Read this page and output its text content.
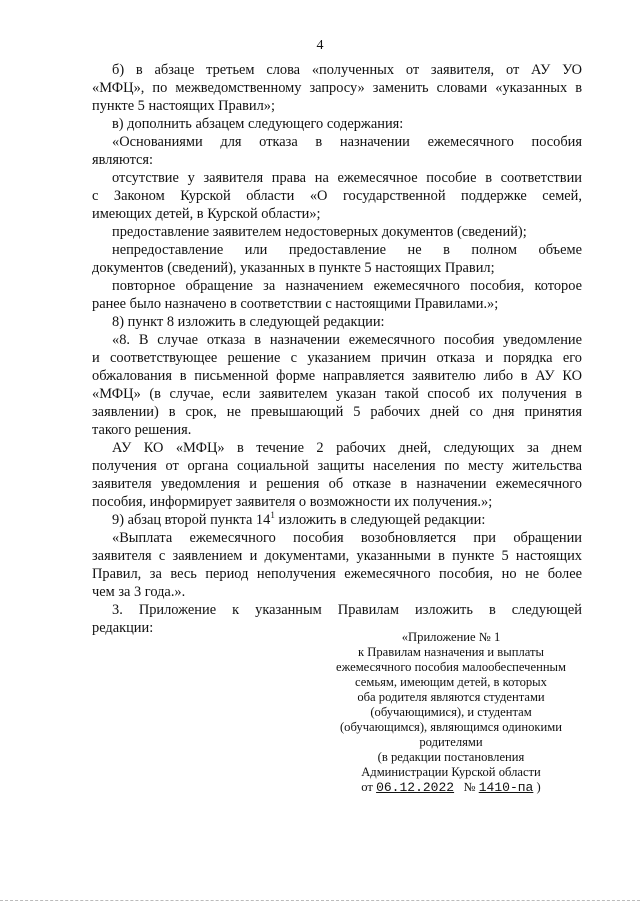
4
б) в абзаце третьем слова «полученных от заявителя, от АУ УО
«МФЦ», по межведомственному запросу» заменить словами «указанных в
пункте 5 настоящих Правил»;
в) дополнить абзацем следующего содержания:
«Основаниями для отказа в назначении ежемесячного пособия
являются:
отсутствие у заявителя права на ежемесячное пособие в соответствии
с Законом Курской области «О государственной поддержке семей,
имеющих детей, в Курской области»;
предоставление заявителем недостоверных документов (сведений);
непредоставление или предоставление не в полном объеме
документов (сведений), указанных в пункте 5 настоящих Правил;
повторное обращение за назначением ежемесячного пособия, которое
ранее было назначено в соответствии с настоящими Правилами.»;
8) пункт 8 изложить в следующей редакции:
«8. В случае отказа в назначении ежемесячного пособия уведомление
и соответствующее решение с указанием причин отказа и порядка его
обжалования в письменной форме направляется заявителю либо в АУ КО
«МФЦ» (в случае, если заявителем указан такой способ их получения в
заявлении) в срок, не превышающий 5 рабочих дней со дня принятия
такого решения.
АУ КО «МФЦ» в течение 2 рабочих дней, следующих за днем
получения от органа социальной защиты населения по месту жительства
заявителя уведомления и решения об отказе в назначении ежемесячного
пособия, информирует заявителя о возможности их получения.»;
9) абзац второй пункта $14^1$ изложить в следующей редакции:
«Выплата ежемесячного пособия возобновляется при обращении
заявителя с заявлением и документами, указанными в пункте 5 настоящих
Правил, за весь период неполучения ежемесячного пособия, но не более
чем за 3 года.».
3. Приложение к указанным Правилам изложить в следующей
редакции:
«Приложение № 1
к Правилам назначения и выплаты
ежемесячного пособия малообеспеченным
семьям, имеющим детей, в которых
оба родителя являются студентами
(обучающимися), и студентам
(обучающимся), являющимся одинокими
родителями
(в редакции постановления
Администрации Курской области
от 06.12.2022 № 1410-па )
